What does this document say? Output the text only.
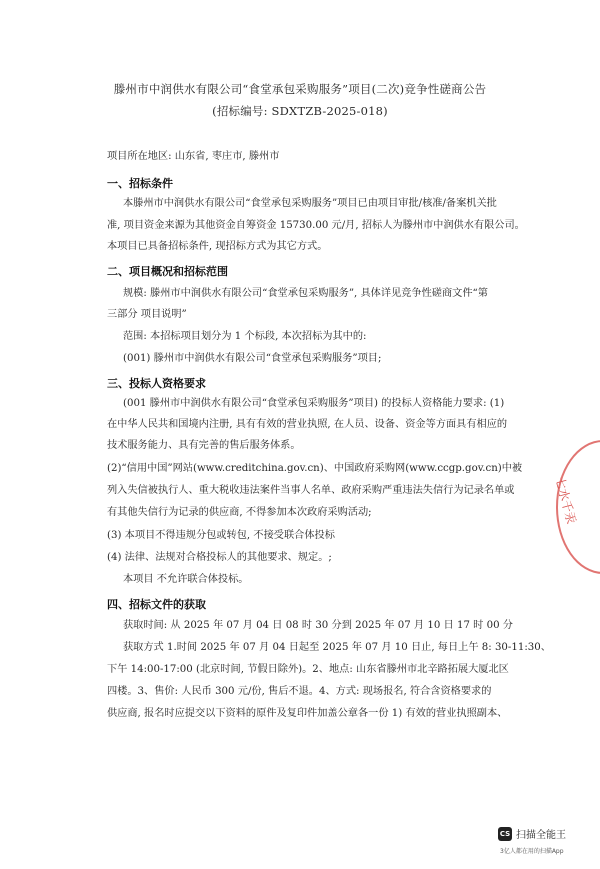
滕州市中润供水有限公司“食堂承包采购服务”项目(二次)竞争性磋商公告
(招标编号: SDXTZB-2025-018)
项目所在地区: 山东省, 枣庄市, 滕州市
一、招标条件
本滕州市中润供水有限公司“食堂承包采购服务”项目已由项目审批/核准/备案机关批
准, 项目资金来源为其他资金自筹资金 15730.00 元/月, 招标人为滕州市中润供水有限公司。
本项目已具备招标条件, 现招标方式为其它方式。
二、项目概况和招标范围
规模: 滕州市中润供水有限公司“食堂承包采购服务”, 具体详见竞争性磋商文件“第
三部分 项目说明”
范围: 本招标项目划分为 1 个标段, 本次招标为其中的:
(001) 滕州市中润供水有限公司“食堂承包采购服务”项目;
三、投标人资格要求
(001 滕州市中润供水有限公司“食堂承包采购服务”项目) 的投标人资格能力要求: (1)
在中华人民共和国境内注册, 具有有效的营业执照, 在人员、设备、资金等方面具有相应的
技术服务能力、具有完善的售后服务体系。
(2)“信用中国”网站(www.creditchina.gov.cn)、中国政府采购网(www.ccgp.gov.cn)中被
列入失信被执行人、重大税收违法案件当事人名单、政府采购严重违法失信行为记录名单或
有其他失信行为记录的供应商, 不得参加本次政府采购活动;
(3) 本项目不得违规分包或转包, 不接受联合体投标
(4) 法律、法规对合格投标人的其他要求、规定。;
本项目 不允许联合体投标。
四、招标文件的获取
获取时间: 从 2025 年 07 月 04 日 08 时 30 分到 2025 年 07 月 10 日 17 时 00 分
获取方式 1.时间 2025 年 07 月 04 日起至 2025 年 07 月 10 日止, 每日上午 8: 30-11:30、
下午 14:00-17:00 (北京时间, 节假日除外)。2、地点: 山东省滕州市北辛路拓展大厦北区
四楼。3、售价: 人民币 300 元/份, 售后不退。4、方式: 现场报名, 符合含资格要求的
供应商, 报名时应提交以下资料的原件及复印件加盖公章各一份 1) 有效的营业执照副本、
七水千汞
CS 扫描全能王
3亿人都在用的扫描App
